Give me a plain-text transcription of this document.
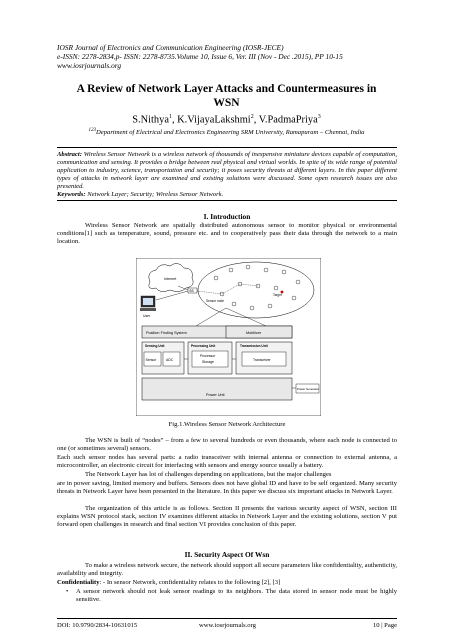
IOSR Journal of Electronics and Communication Engineering (IOSR-JECE)
e-ISSN: 2278-2834,p- ISSN: 2278-8735.Volume 10, Issue 6, Ver. III (Nov - Dec .2015), PP 10-15
www.iosrjournals.org
A Review of Network Layer Attacks and Countermeasures in
WSN
S.Nithya$^1$, K.VijayaLakshmi$^2$, V.PadmaPriya$^3$
$^{123}$Department of Electrical and Electronics Engineering SRM University, Ramapuram – Chennai, India
Abstract: Wireless Sensor Network is a wireless network of thousands of inexpensive miniature devices capable of computation, communication and sensing. It provides a bridge between real physical and virtual worlds. In spite of its wide range of potential application to industry, science, transportation and security; it poses security threats at different layers. In this paper different types of attacks in network layer are examined and existing solutions were discussed. Some open research issues are also presented.
Keywords: Network Layer; Security; Wireless Sensor Network.
I. Introduction
Wireless Sensor Network are spatially distributed autonomous sensor to monitor physical or environmental conditions[1] such as temperature, sound, pressure etc. and to cooperatively pass their data through the network to a main location.
Internet
User
BS
Sensor node
Target
Position Finding System	Mobilizer
Sensing Unit
Sensor	ADC
Processing Unit
Processor
Storage
Transmission Unit
Transceiver
Power Unit
Power Generator
Fig.1.Wireless Sensor Network Architecture
The WSN is built of “nodes” – from a few to several hundreds or even thousands, where each node is connected to one (or sometimes several) sensors.
Each such sensor nodes has several parts: a radio transceiver with internal antenna or connection to external antenna, a microcontroller, an electronic circuit for interfacing with sensors and energy source usually a battery.
The Network Layer has lot of challenges depending on applications, but the major challenges
are in power saving, limited memory and buffers. Sensors does not have global ID and have to be self organized. Many security threats in Network Layer have been presented in the literature. In this paper we discuss six important attacks in Network Layer.
The organization of this article is as follows. Section II presents the various security aspect of WSN, section III explains WSN protocol stack, section IV examines different attacks in Network Layer and the existing solutions, section V put forward open challenges in research and final section VI provides conclusion of this paper.
II. Security Aspect Of Wsn
To make a wireless network secure, the network should support all secure parameters like confidentiality, authenticity, availability and integrity.
Confidentiality: - In sensor Network, confidentiality relates to the following [2], [3]
• A sensor network should not leak sensor readings to its neighbors. The data stored in sensor node must be highly sensitive.
DOI: 10.9790/2834-10631015	www.iosrjournals.org	10 | Page
